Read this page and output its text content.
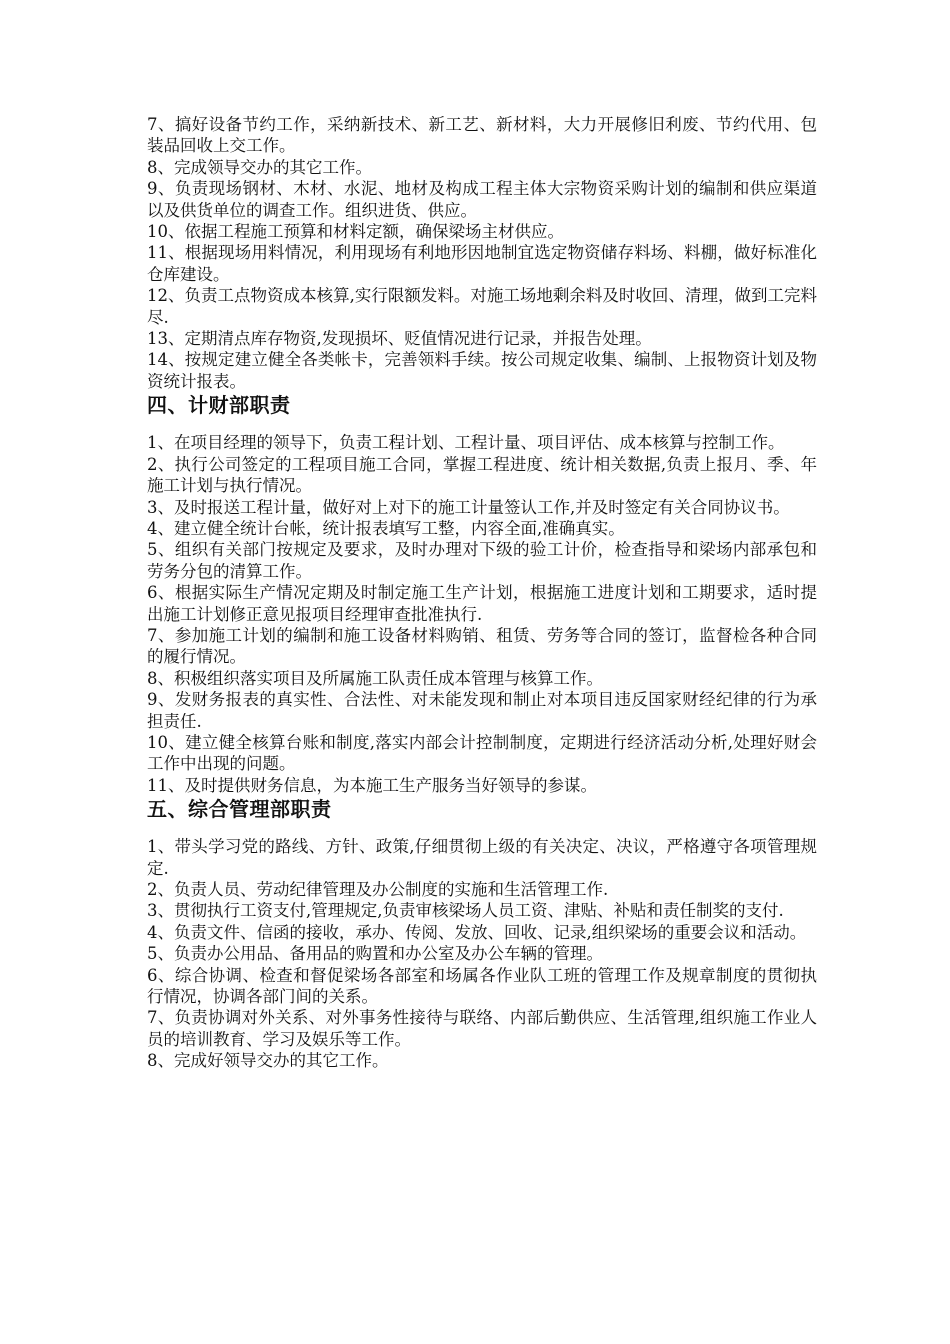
7、搞好设备节约工作，采纳新技术、新工艺、新材料，大力开展修旧利废、节约代用、包装品回收上交工作。

8、完成领导交办的其它工作。

9、负责现场钢材、木材、水泥、地材及构成工程主体大宗物资采购计划的编制和供应渠道以及供货单位的调查工作。组织进货、供应。

10、依据工程施工预算和材料定额，确保梁场主材供应。

11、根据现场用料情况，利用现场有利地形因地制宜选定物资储存料场、料棚，做好标准化仓库建设。

12、负责工点物资成本核算,实行限额发料。对施工场地剩余料及时收回、清理，做到工完料尽.

13、定期清点库存物资,发现损坏、贬值情况进行记录，并报告处理。

14、按规定建立健全各类帐卡，完善领料手续。按公司规定收集、编制、上报物资计划及物资统计报表。

四、计财部职责

1、在项目经理的领导下，负责工程计划、工程计量、项目评估、成本核算与控制工作。

2、执行公司签定的工程项目施工合同，掌握工程进度、统计相关数据,负责上报月、季、年施工计划与执行情况。

3、及时报送工程计量，做好对上对下的施工计量签认工作,并及时签定有关合同协议书。

4、建立健全统计台帐，统计报表填写工整，内容全面,准确真实。

5、组织有关部门按规定及要求，及时办理对下级的验工计价，检查指导和梁场内部承包和劳务分包的清算工作。

6、根据实际生产情况定期及时制定施工生产计划，根据施工进度计划和工期要求，适时提出施工计划修正意见报项目经理审查批准执行.

7、参加施工计划的编制和施工设备材料购销、租赁、劳务等合同的签订，监督检各种合同的履行情况。

8、积极组织落实项目及所属施工队责任成本管理与核算工作。

9、发财务报表的真实性、合法性、对未能发现和制止对本项目违反国家财经纪律的行为承担责任.

10、建立健全核算台账和制度,落实内部会计控制制度，定期进行经济活动分析,处理好财会工作中出现的问题。

11、及时提供财务信息，为本施工生产服务当好领导的参谋。

五、综合管理部职责

1、带头学习党的路线、方针、政策,仔细贯彻上级的有关决定、决议，严格遵守各项管理规定.

2、负责人员、劳动纪律管理及办公制度的实施和生活管理工作.

3、贯彻执行工资支付,管理规定,负责审核梁场人员工资、津贴、补贴和责任制奖的支付.

4、负责文件、信函的接收，承办、传阅、发放、回收、记录,组织梁场的重要会议和活动。

5、负责办公用品、备用品的购置和办公室及办公车辆的管理。

6、综合协调、检查和督促梁场各部室和场属各作业队工班的管理工作及规章制度的贯彻执行情况，协调各部门间的关系。

7、负责协调对外关系、对外事务性接待与联络、内部后勤供应、生活管理,组织施工作业人员的培训教育、学习及娱乐等工作。

8、完成好领导交办的其它工作。
